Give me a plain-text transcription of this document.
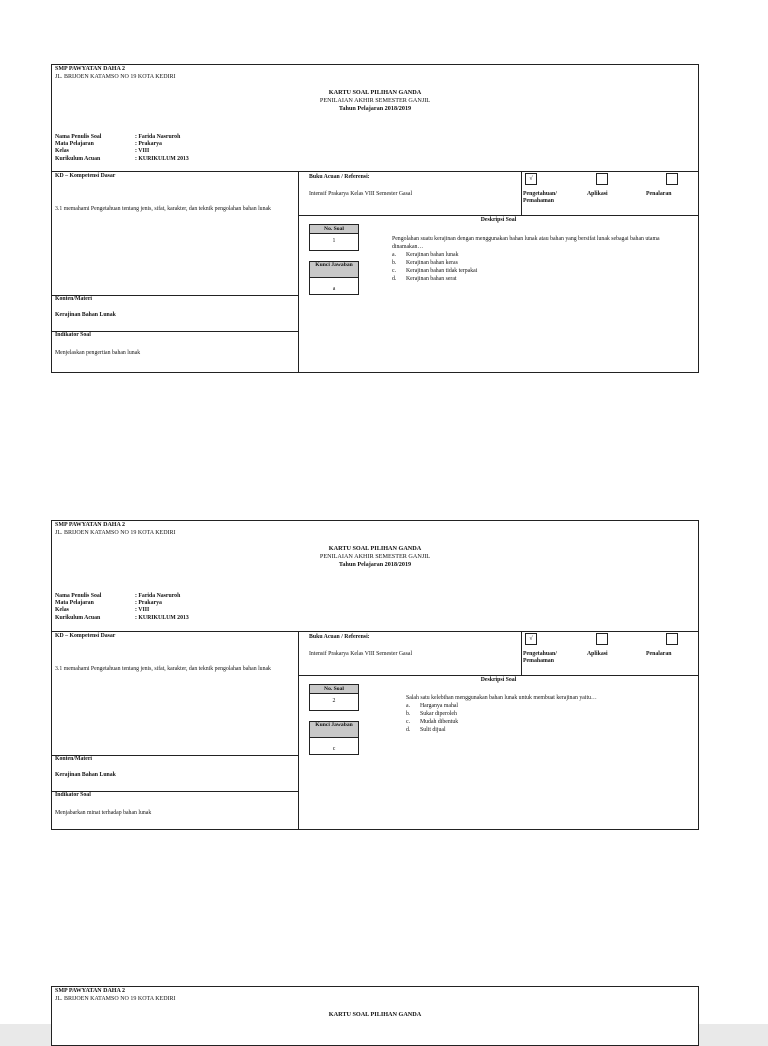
SMP PAWYATAN DAHA 2
JL. BRIJOEN KATAMSO NO 19 KOTA KEDIRI
KARTU SOAL PILIHAN GANDA
PENILAIAN AKHIR SEMESTER GANJIL
Tahun Pelajaran 2018/2019
Nama Penulis Soal	: Farida Nasruroh
Mata Pelajaran	: Prakarya
Kelas	: VIII
Kurikulum Acuan	: KURIKULUM 2013
KD – Kompetensi Dasar
3.1 memahami Pengetahuan tentang jenis, sifat, karakter, dan teknik pengolahan bahan lunak
Konten/Materi
Kerajinan Bahan Lunak
Indikator Soal
Menjelaskan pengertian bahan lunak
Buku Acuan / Referensi:
Intensif Prakarya Kelas VIII Semester Gasal
√
Pengetahuan/ Pemahaman
Aplikasi	Penalaran
Deskripsi Soal
No. Soal
1
Kunci Jawaban
a
Pengolahan suatu kerajinan dengan menggunakan bahan lunak atau bahan yang bersifat lunak sebagai bahan utama dinamakan…
a.	Kerajinan bahan lunak
b.	Kerajinan bahan keras
c.	Kerajinan bahan tidak terpakai
d.	Kerajinan bahan serat
SMP PAWYATAN DAHA 2
JL. BRIJOEN KATAMSO NO 19 KOTA KEDIRI
KARTU SOAL PILIHAN GANDA
PENILAIAN AKHIR SEMESTER GANJIL
Tahun Pelajaran 2018/2019
Nama Penulis Soal	: Farida Nasruroh
Mata Pelajaran	: Prakarya
Kelas	: VIII
Kurikulum Acuan	: KURIKULUM 2013
KD – Kompetensi Dasar
3.1 memahami Pengetahuan tentang jenis, sifat, karakter, dan teknik pengolahan bahan lunak
Konten/Materi
Kerajinan Bahan Lunak
Indikator Soal
Menjabarkan minat terhadap bahan lunak
Buku Acuan / Referensi:
Intensif Prakarya Kelas VIII Semester Gasal
√
Pengetahuan/ Pemahaman
Aplikasi	Penalaran
Deskripsi Soal
No. Soal
2
Kunci Jawaban
c
Salah satu kelebihan menggunakan bahan lunak untuk membuat kerajinan yaitu…
a.	Harganya mahal
b.	Sukar diperoleh
c.	Mudah dibentuk
d.	Sulit dijual
SMP PAWYATAN DAHA 2
JL. BRIJOEN KATAMSO NO 19 KOTA KEDIRI
KARTU SOAL PILIHAN GANDA
